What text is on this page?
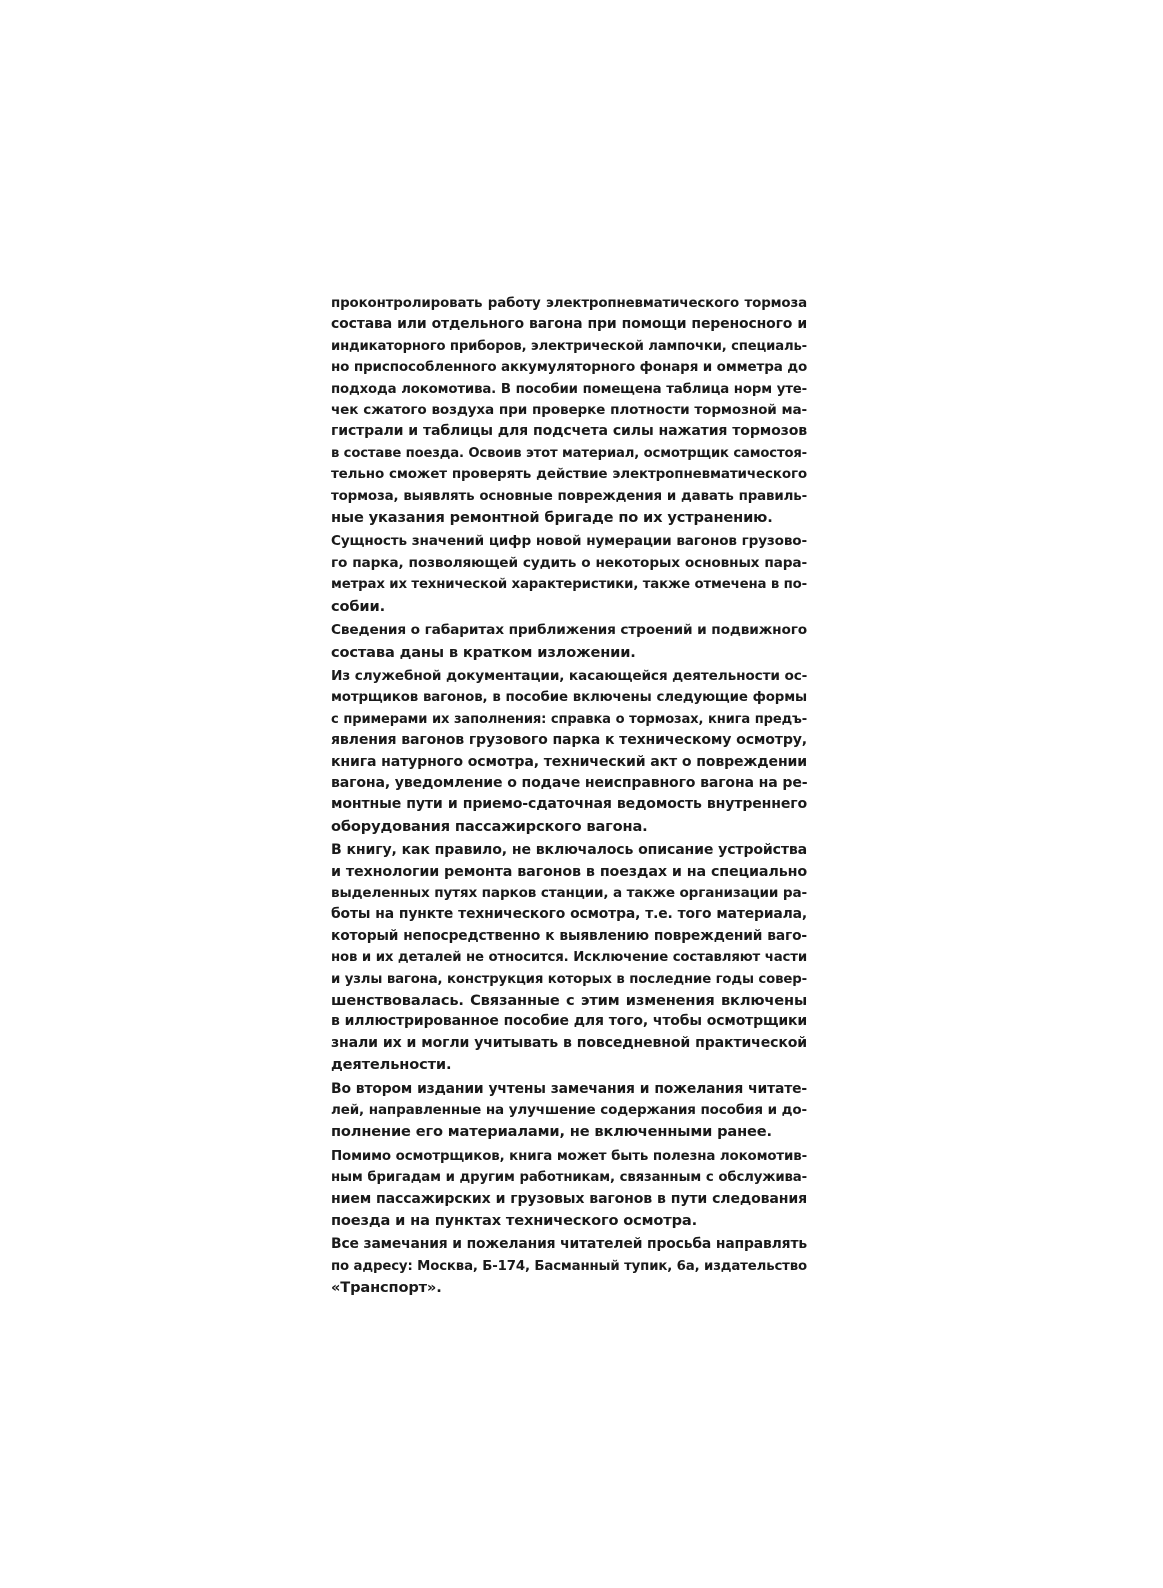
проконтролировать работу электропневматического тормоза
состава или отдельного вагона при помощи переносного и
индикаторного приборов, электрической лампочки, специаль-
но приспособленного аккумуляторного фонаря и омметра до
подхода локомотива. В пособии помещена таблица норм уте-
чек сжатого воздуха при проверке плотности тормозной ма-
гистрали и таблицы для подсчета силы нажатия тормозов
в составе поезда. Освоив этот материал, осмотрщик самостоя-
тельно сможет проверять действие электропневматического
тормоза, выявлять основные повреждения и давать правиль-
ные указания ремонтной бригаде по их устранению.
Сущность значений цифр новой нумерации вагонов грузово-
го парка, позволяющей судить о некоторых основных пара-
метрах их технической характеристики, также отмечена в по-
собии.
Сведения о габаритах приближения строений и подвижного
состава даны в кратком изложении.
Из служебной документации, касающейся деятельности ос-
мотрщиков вагонов, в пособие включены следующие формы
с примерами их заполнения: справка о тормозах, книга предъ-
явления вагонов грузового парка к техническому осмотру,
книга натурного осмотра, технический акт о повреждении
вагона, уведомление о подаче неисправного вагона на ре-
монтные пути и приемо-сдаточная ведомость внутреннего
оборудования пассажирского вагона.
В книгу, как правило, не включалось описание устройства
и технологии ремонта вагонов в поездах и на специально
выделенных путях парков станции, а также организации ра-
боты на пункте технического осмотра, т.е. того материала,
который непосредственно к выявлению повреждений ваго-
нов и их деталей не относится. Исключение составляют части
и узлы вагона, конструкция которых в последние годы совер-
шенствовалась. Связанные с этим изменения включены
в иллюстрированное пособие для того, чтобы осмотрщики
знали их и могли учитывать в повседневной практической
деятельности.
Во втором издании учтены замечания и пожелания читате-
лей, направленные на улучшение содержания пособия и до-
полнение его материалами, не включенными ранее.
Помимо осмотрщиков, книга может быть полезна локомотив-
ным бригадам и другим работникам, связанным с обслужива-
нием пассажирских и грузовых вагонов в пути следования
поезда и на пунктах технического осмотра.
Все замечания и пожелания читателей просьба направлять
по адресу: Москва, Б-174, Басманный тупик, 6а, издательство
«Транспорт».
